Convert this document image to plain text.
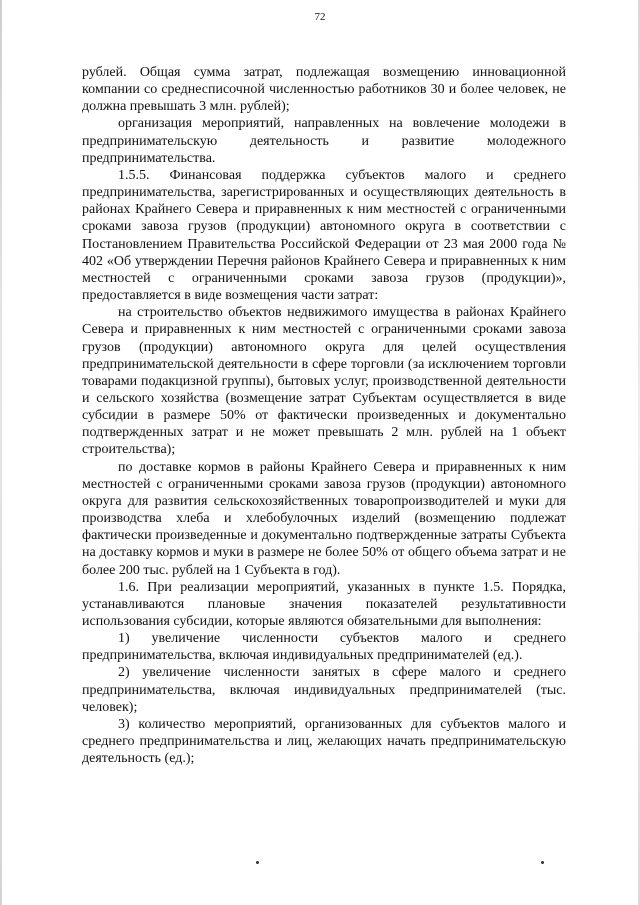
72

рублей. Общая сумма затрат, подлежащая возмещению инновационной компании со среднесписочной численностью работников 30 и более человек, не должна превышать 3 млн. рублей);

организация мероприятий, направленных на вовлечение молодежи в предпринимательскую деятельность и развитие молодежного предпринимательства.

1.5.5. Финансовая поддержка субъектов малого и среднего предпринимательства, зарегистрированных и осуществляющих деятельность в районах Крайнего Севера и приравненных к ним местностей с ограниченными сроками завоза грузов (продукции) автономного округа в соответствии с Постановлением Правительства Российской Федерации от 23 мая 2000 года № 402 «Об утверждении Перечня районов Крайнего Севера и приравненных к ним местностей с ограниченными сроками завоза грузов (продукции)», предоставляется в виде возмещения части затрат:

на строительство объектов недвижимого имущества в районах Крайнего Севера и приравненных к ним местностей с ограниченными сроками завоза грузов (продукции) автономного округа для целей осуществления предпринимательской деятельности в сфере торговли (за исключением торговли товарами подакцизной группы), бытовых услуг, производственной деятельности и сельского хозяйства (возмещение затрат Субъектам осуществляется в виде субсидии в размере 50% от фактически произведенных и документально подтвержденных затрат и не может превышать 2 млн. рублей на 1 объект строительства);

по доставке кормов в районы Крайнего Севера и приравненных к ним местностей с ограниченными сроками завоза грузов (продукции) автономного округа для развития сельскохозяйственных товаропроизводителей и муки для производства хлеба и хлебобулочных изделий (возмещению подлежат фактически произведенные и документально подтвержденные затраты Субъекта на доставку кормов и муки в размере не более 50% от общего объема затрат и не более 200 тыс. рублей на 1 Субъекта в год).

1.6. При реализации мероприятий, указанных в пункте 1.5. Порядка, устанавливаются плановые значения показателей результативности использования субсидии, которые являются обязательными для выполнения:

1) увеличение численности субъектов малого и среднего предпринимательства, включая индивидуальных предпринимателей (ед.).

2) увеличение численности занятых в сфере малого и среднего предпринимательства, включая индивидуальных предпринимателей (тыс. человек);

3) количество мероприятий, организованных для субъектов малого и среднего предпринимательства и лиц, желающих начать предпринимательскую деятельность (ед.);
